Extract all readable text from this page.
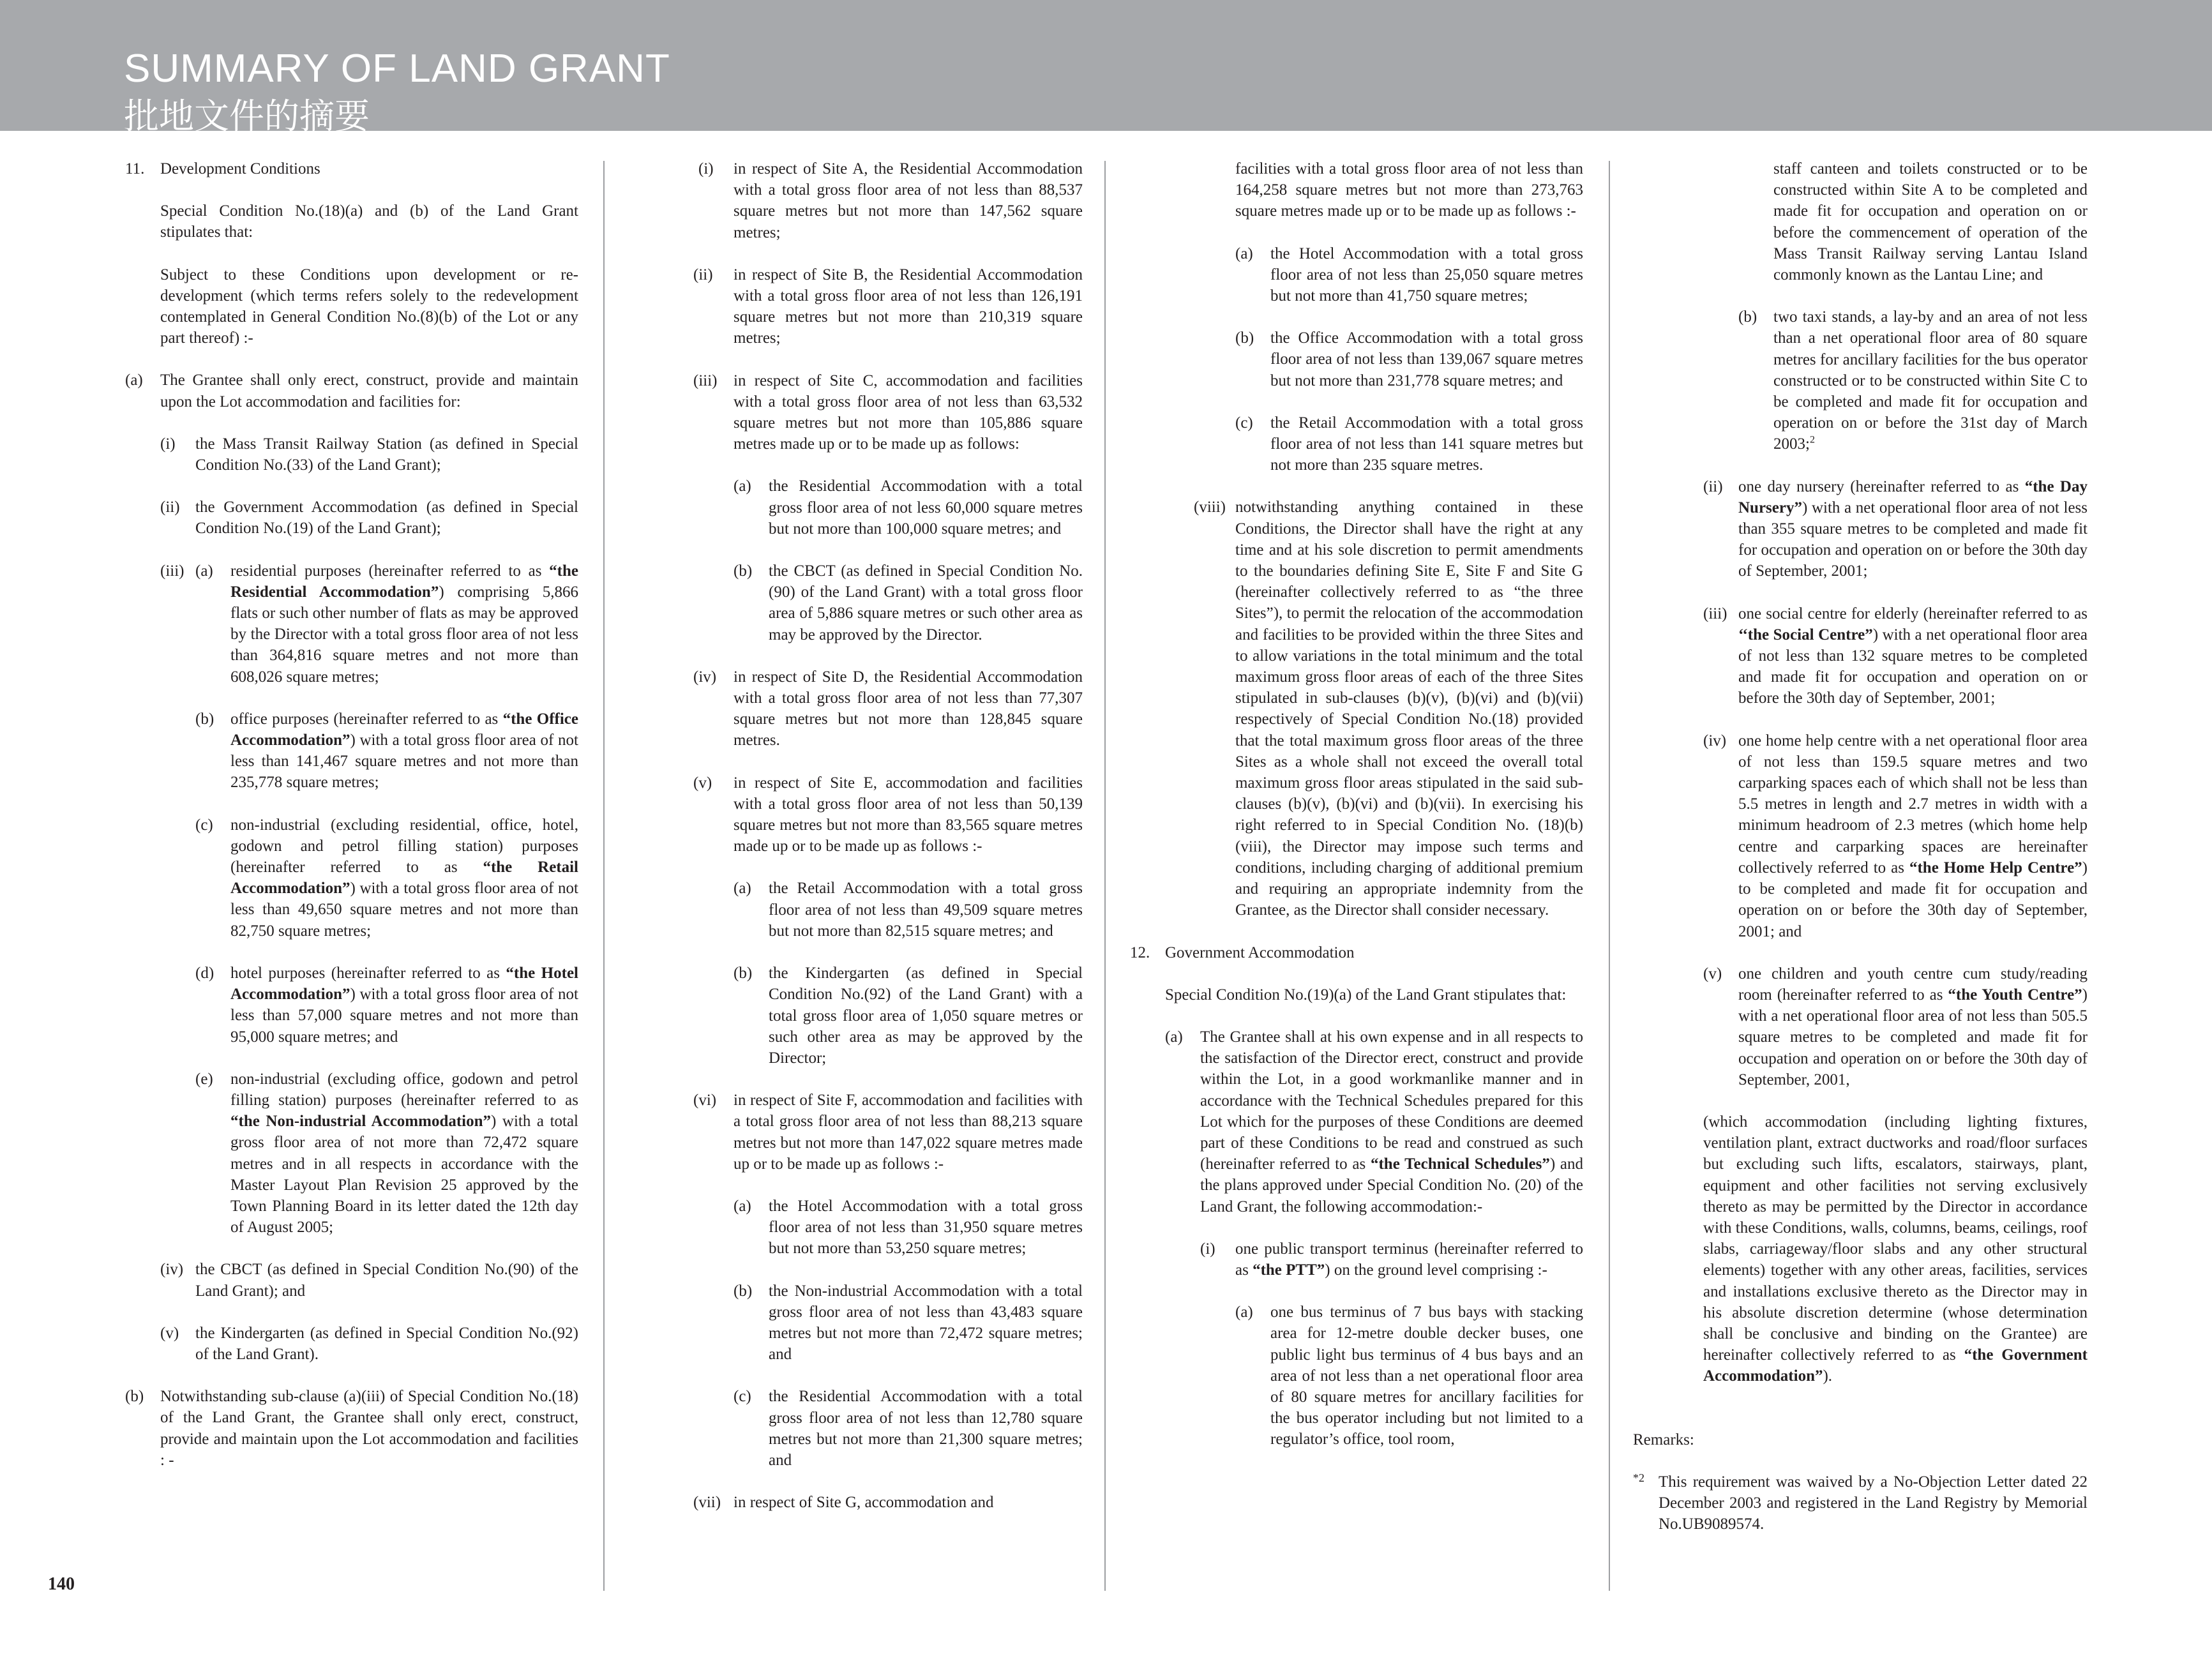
SUMMARY OF LAND GRANT
批地文件的摘要
11. Development Conditions

Special Condition No.(18)(a) and (b) of the Land Grant stipulates that:

Subject to these Conditions upon development or re-development (which terms refers solely to the redevelopment contemplated in General Condition No.(8)(b) of the Lot or any part thereof) :-

(a) The Grantee shall only erect, construct, provide and maintain upon the Lot accommodation and facilities for:
(i) the Mass Transit Railway Station (as defined in Special Condition No.(33) of the Land Grant);
(ii) the Government Accommodation (as defined in Special Condition No.(19) of the Land Grant);
(iii) (a) residential purposes (hereinafter referred to as “the Residential Accommodation”) comprising 5,866 flats or such other number of flats as may be approved by the Director with a total gross floor area of not less than 364,816 square metres and not more than 608,026 square metres;
(b) office purposes (hereinafter referred to as “the Office Accommodation”) with a total gross floor area of not less than 141,467 square metres and not more than 235,778 square metres;
(c) non-industrial (excluding residential, office, hotel, godown and petrol filling station) purposes (hereinafter referred to as “the Retail Accommodation”) with a total gross floor area of not less than 49,650 square metres and not more than 82,750 square metres;
(d) hotel purposes (hereinafter referred to as “the Hotel Accommodation”) with a total gross floor area of not less than 57,000 square metres and not more than 95,000 square metres; and
(e) non-industrial (excluding office, godown and petrol filling station) purposes (hereinafter referred to as “the Non-industrial Accommodation”) with a total gross floor area of not more than 72,472 square metres and in all respects in accordance with the Master Layout Plan Revision 25 approved by the Town Planning Board in its letter dated the 12th day of August 2005;
(iv) the CBCT (as defined in Special Condition No.(90) of the Land Grant); and
(v) the Kindergarten (as defined in Special Condition No.(92) of the Land Grant).
(b) Notwithstanding sub-clause (a)(iii) of Special Condition No.(18) of the Land Grant, the Grantee shall only erect, construct, provide and maintain upon the Lot accommodation and facilities : -
(i) in respect of Site A, the Residential Accommodation with a total gross floor area of not less than 88,537 square metres but not more than 147,562 square metres;
(ii) in respect of Site B, the Residential Accommodation with a total gross floor area of not less than 126,191 square metres but not more than 210,319 square metres;
(iii) in respect of Site C, accommodation and facilities with a total gross floor area of not less than 63,532 square metres but not more than 105,886 square metres made up or to be made up as follows:
(a) the Residential Accommodation with a total gross floor area of not less 60,000 square metres but not more than 100,000 square metres; and
(b) the CBCT (as defined in Special Condition No.(90) of the Land Grant) with a total gross floor area of 5,886 square metres or such other area as may be approved by the Director.
(iv) in respect of Site D, the Residential Accommodation with a total gross floor area of not less than 77,307 square metres but not more than 128,845 square metres.
(v) in respect of Site E, accommodation and facilities with a total gross floor area of not less than 50,139 square metres but not more than 83,565 square metres made up or to be made up as follows :-
(a) the Retail Accommodation with a total gross floor area of not less than 49,509 square metres but not more than 82,515 square metres; and
(b) the Kindergarten (as defined in Special Condition No.(92) of the Land Grant) with a total gross floor area of 1,050 square metres or such other area as may be approved by the Director;
(vi) in respect of Site F, accommodation and facilities with a total gross floor area of not less than 88,213 square metres but not more than 147,022 square metres made up or to be made up as follows :-
(a) the Hotel Accommodation with a total gross floor area of not less than 31,950 square metres but not more than 53,250 square metres;
(b) the Non-industrial Accommodation with a total gross floor area of not less than 43,483 square metres but not more than 72,472 square metres; and
(c) the Residential Accommodation with a total gross floor area of not less than 12,780 square metres but not more than 21,300 square metres; and
(vii) in respect of Site G, accommodation and

facilities with a total gross floor area of not less than 164,258 square metres but not more than 273,763 square metres made up or to be made up as follows :-

(a) the Hotel Accommodation with a total gross floor area of not less than 25,050 square metres but not more than 41,750 square metres;
(b) the Office Accommodation with a total gross floor area of not less than 139,067 square metres but not more than 231,778 square metres; and
(c) the Retail Accommodation with a total gross floor area of not less than 141 square metres but not more than 235 square metres.
(viii) notwithstanding anything contained in these Conditions, the Director shall have the right at any time and at his sole discretion to permit amendments to the boundaries defining Site E, Site F and Site G (hereinafter collectively referred to as “the three Sites”), to permit the relocation of the accommodation and facilities to be provided within the three Sites and to allow variations in the total minimum and the total maximum gross floor areas of each of the three Sites stipulated in sub-clauses (b)(v), (b)(vi) and (b)(vii) respectively of Special Condition No.(18) provided that the total maximum gross floor areas of the three Sites as a whole shall not exceed the overall total maximum gross floor areas stipulated in the said sub-clauses (b)(v), (b)(vi) and (b)(vii). In exercising his right referred to in Special Condition No. (18)(b)(viii), the Director may impose such terms and conditions, including charging of additional premium and requiring an appropriate indemnity from the Grantee, as the Director shall consider necessary.
12. Government Accommodation

Special Condition No.(19)(a) of the Land Grant stipulates that:

(a) The Grantee shall at his own expense and in all respects to the satisfaction of the Director erect, construct and provide within the Lot, in a good workmanlike manner and in accordance with the Technical Schedules prepared for this Lot which for the purposes of these Conditions are deemed part of these Conditions to be read and construed as such (hereinafter referred to as “the Technical Schedules”) and the plans approved under Special Condition No. (20) of the Land Grant, the following accommodation:-
(i) one public transport terminus (hereinafter referred to as “the PTT”) on the ground level comprising :-
(a) one bus terminus of 7 bus bays with stacking area for 12-metre double decker buses, one public light bus terminus of 4 bus bays and an area of not less than a net operational floor area of 80 square metres for ancillary facilities for the bus operator including but not limited to a regulator’s office, tool room,

staff canteen and toilets constructed or to be constructed within Site A to be completed and made fit for occupation and operation on or before the commencement of operation of the Mass Transit Railway serving Lantau Island commonly known as the Lantau Line; and

(b) two taxi stands, a lay-by and an area of not less than a net operational floor area of 80 square metres for ancillary facilities for the bus operator constructed or to be constructed within Site C to be completed and made fit for occupation and operation on or before the 31st day of March 2003;$^2$
(ii) one day nursery (hereinafter referred to as “the Day Nursery”) with a net operational floor area of not less than 355 square metres to be completed and made fit for occupation and operation on or before the 30th day of September, 2001;
(iii) one social centre for elderly (hereinafter referred to as ‘‘the Social Centre”) with a net operational floor area of not less than 132 square metres to be completed and made fit for occupation and operation on or before the 30th day of September, 2001;
(iv) one home help centre with a net operational floor area of not less than 159.5 square metres and two carparking spaces each of which shall not be less than 5.5 metres in length and 2.7 metres in width with a minimum headroom of 2.3 metres (which home help centre and carparking spaces are hereinafter collectively referred to as “the Home Help Centre”) to be completed and made fit for occupation and operation on or before the 30th day of September, 2001; and
(v) one children and youth centre cum study/reading room (hereinafter referred to as “the Youth Centre”) with a net operational floor area of not less than 505.5 square metres to be completed and made fit for occupation and operation on or before the 30th day of September, 2001,

(which accommodation (including lighting fixtures, ventilation plant, extract ductworks and road/floor surfaces but excluding such lifts, escalators, stairways, plant, equipment and other facilities not serving exclusively thereto as may be permitted by the Director in accordance with these Conditions, walls, columns, beams, ceilings, roof slabs, carriageway/floor slabs and any other structural elements) together with any other areas, facilities, services and installations exclusive thereto as the Director may in his absolute discretion determine (whose determination shall be conclusive and binding on the Grantee) are hereinafter collectively referred to as “the Government Accommodation”).

Remarks:

*2 This requirement was waived by a No-Objection Letter dated 22 December 2003 and registered in the Land Registry by Memorial No.UB9089574.
140
